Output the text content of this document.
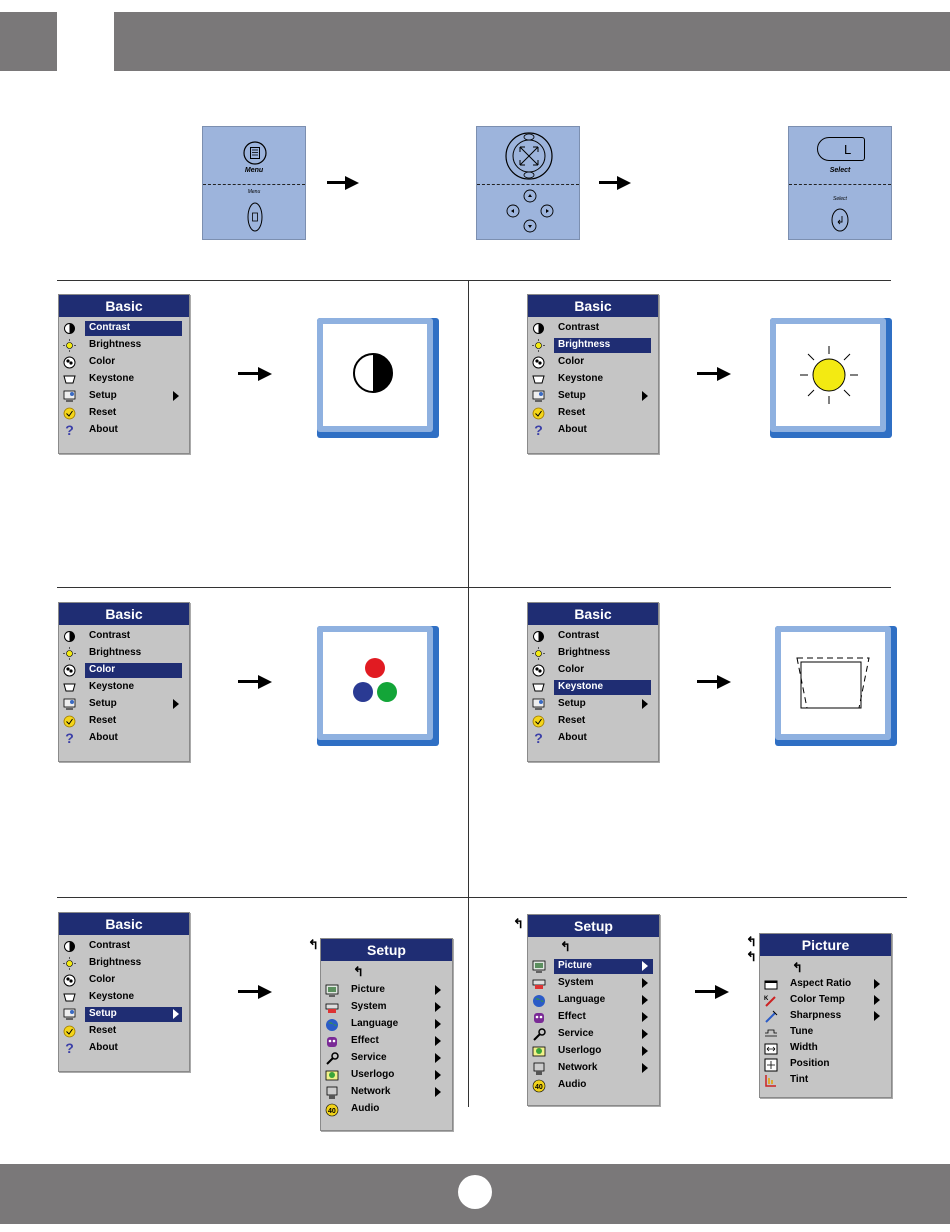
Menu
Menu
L
Select
Select
Basic
Contrast
Brightness
Color
Keystone
Setup
Reset
? About
Basic
Contrast
Brightness
Color
Keystone
Setup
Reset
? About
Basic
Contrast
Brightness
Color
Keystone
Setup
Reset
? About
Basic
Contrast
Brightness
Color
Keystone
Setup
Reset
? About
Basic
Contrast
Brightness
Color
Keystone
Setup
Reset
? About
↰	Setup
↰
Picture
System
Language
Effect
Service
Userlogo
Network
40 Audio
↰	Setup
↰
Picture
System
Language
Effect
Service
Userlogo
Network
40 Audio
↰
↰
Picture
↰
Aspect Ratio
K Color Temp
Sharpness
Tune
Width
Position
Tint
